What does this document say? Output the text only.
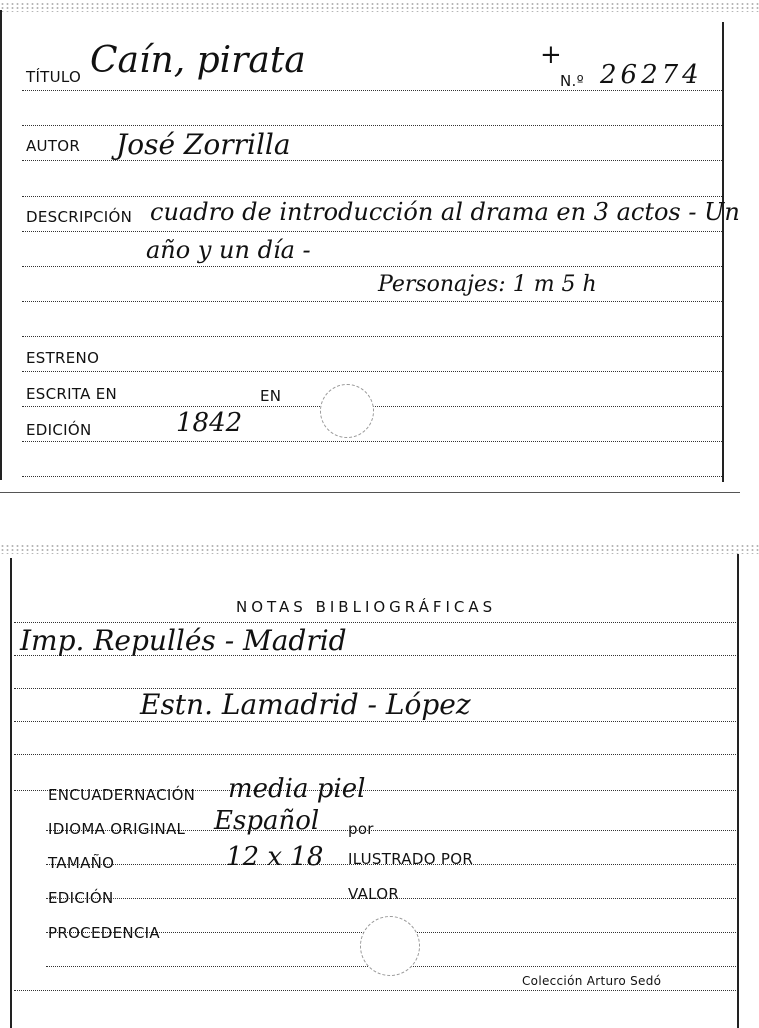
TÍTULO Caín, pirata	+
N.º 26274
AUTOR José Zorrilla
DESCRIPCIÓN cuadro de introducción al drama en 3 actos - Un
año y un día -
Personajes: 1 m 5 h
ESTRENO
ESCRITA EN	EN
EDICIÓN	1842
NOTAS BIBLIOGRÁFICAS
Imp. Repullés - Madrid
Estn. Lamadrid - López
ENCUADERNACIÓN media piel
IDIOMA ORIGINAL Español por
TAMAÑO	12 x 18 ILUSTRADO POR
EDICIÓN	VALOR
PROCEDENCIA
Colección Arturo Sedó
